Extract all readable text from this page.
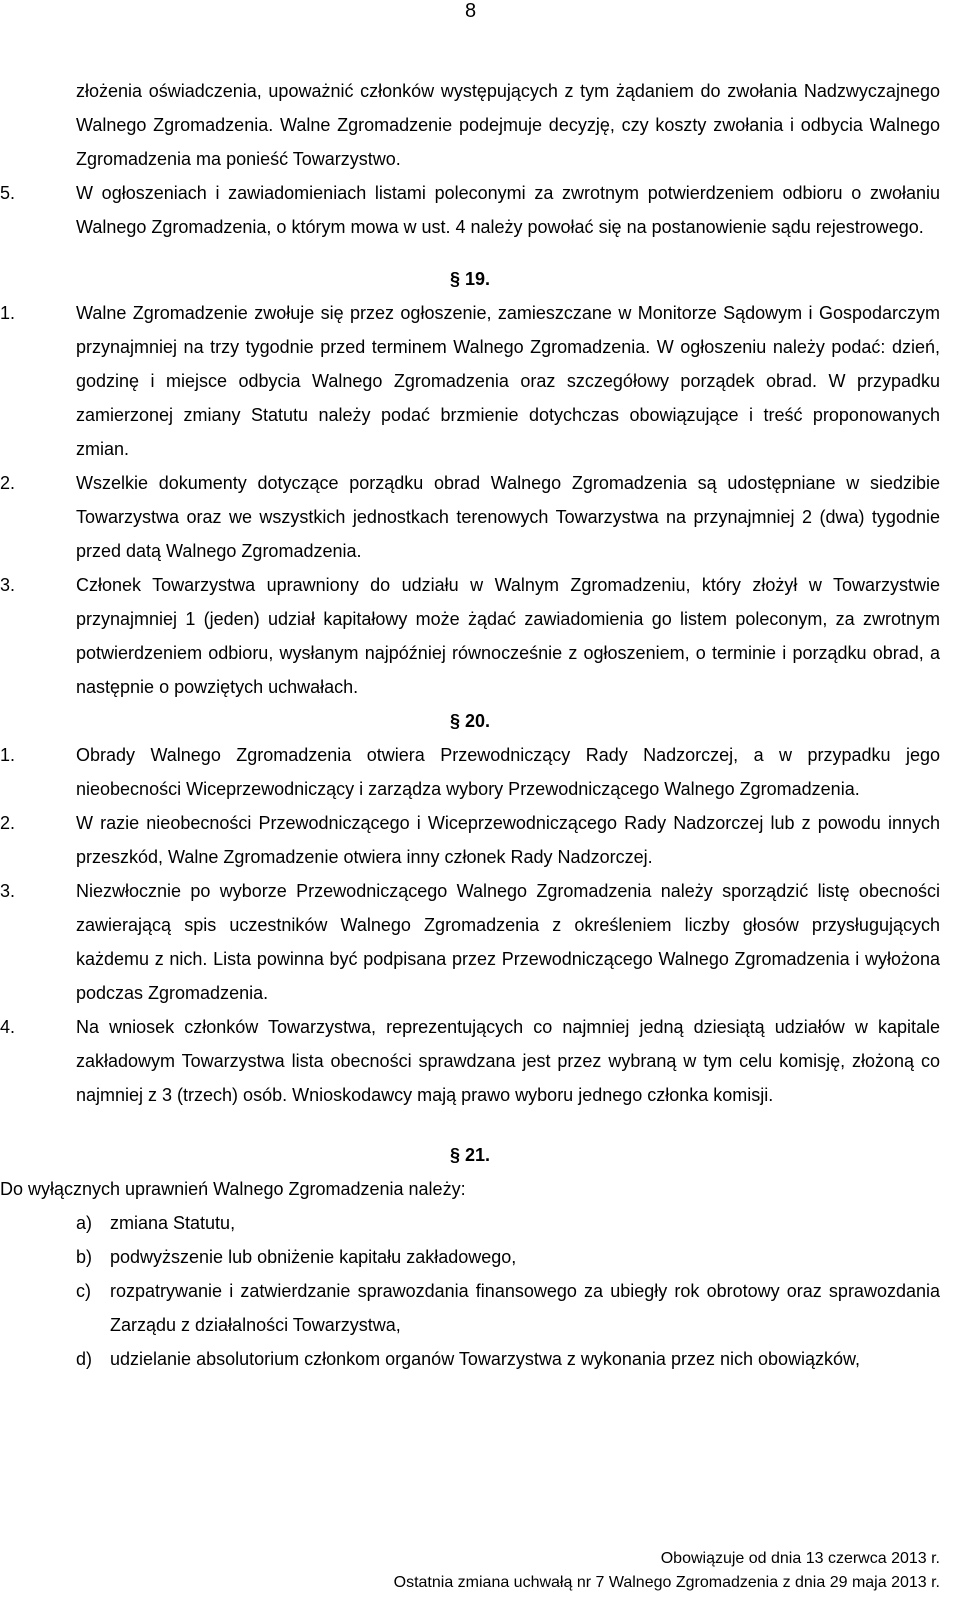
8

złożenia oświadczenia, upoważnić członków występujących z tym żądaniem do zwołania Nadzwyczajnego Walnego Zgromadzenia. Walne Zgromadzenie podejmuje decyzję, czy koszty zwołania i odbycia Walnego Zgromadzenia ma ponieść Towarzystwo.

5.	W ogłoszeniach i zawiadomieniach listami poleconymi za zwrotnym potwierdzeniem odbioru o zwołaniu Walnego Zgromadzenia, o którym mowa w ust. 4 należy powołać się na postanowienie sądu rejestrowego.
§ 19.
1.	Walne Zgromadzenie zwołuje się przez ogłoszenie, zamieszczane w Monitorze Sądowym i Gospodarczym przynajmniej na trzy tygodnie przed terminem Walnego Zgromadzenia. W ogłoszeniu należy podać: dzień, godzinę i miejsce odbycia Walnego Zgromadzenia oraz szczegółowy porządek obrad. W przypadku zamierzonej zmiany Statutu należy podać brzmienie dotychczas obowiązujące i treść proponowanych zmian.
2.	Wszelkie dokumenty dotyczące porządku obrad Walnego Zgromadzenia są udostępniane w siedzibie Towarzystwa oraz we wszystkich jednostkach terenowych Towarzystwa na przynajmniej 2 (dwa) tygodnie przed datą Walnego Zgromadzenia.
3.	Członek Towarzystwa uprawniony do udziału w Walnym Zgromadzeniu, który złożył w Towarzystwie przynajmniej 1 (jeden) udział kapitałowy może żądać zawiadomienia go listem poleconym, za zwrotnym potwierdzeniem odbioru, wysłanym najpóźniej równocześnie z ogłoszeniem, o terminie i porządku obrad, a następnie o powziętych uchwałach.
§ 20.
1.	Obrady Walnego Zgromadzenia otwiera Przewodniczący Rady Nadzorczej, a w przypadku jego nieobecności Wiceprzewodniczący i zarządza wybory Przewodniczącego Walnego Zgromadzenia.
2.	W razie nieobecności Przewodniczącego i Wiceprzewodniczącego Rady Nadzorczej lub z powodu innych przeszkód, Walne Zgromadzenie otwiera inny członek Rady Nadzorczej.
3.	Niezwłocznie po wyborze Przewodniczącego Walnego Zgromadzenia należy sporządzić listę obecności zawierającą spis uczestników Walnego Zgromadzenia z określeniem liczby głosów przysługujących każdemu z nich. Lista powinna być podpisana przez Przewodniczącego Walnego Zgromadzenia i wyłożona podczas Zgromadzenia.
4.	Na wniosek członków Towarzystwa, reprezentujących co najmniej jedną dziesiątą udziałów w kapitale zakładowym Towarzystwa lista obecności sprawdzana jest przez wybraną w tym celu komisję, złożoną co najmniej z 3 (trzech) osób. Wnioskodawcy mają prawo wyboru jednego członka komisji.
§ 21.

Do wyłącznych uprawnień Walnego Zgromadzenia należy:

a) zmiana Statutu,
b) podwyższenie lub obniżenie kapitału zakładowego,
c)	rozpatrywanie i zatwierdzanie sprawozdania finansowego za ubiegły rok obrotowy oraz sprawozdania Zarządu z działalności Towarzystwa,
d) udzielanie absolutorium członkom organów Towarzystwa z wykonania przez nich obowiązków,
Obowiązuje od dnia 13 czerwca 2013 r.
Ostatnia zmiana uchwałą nr 7 Walnego Zgromadzenia z dnia 29 maja 2013 r.
